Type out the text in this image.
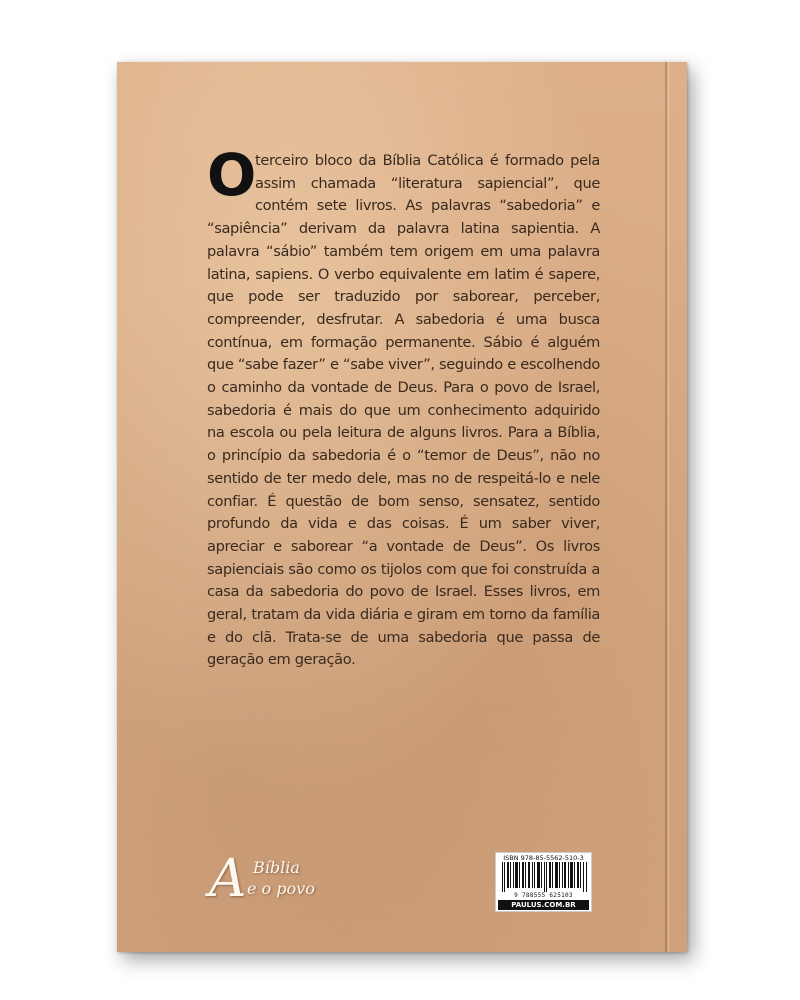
O terceiro bloco da Bíblia Católica é formado pela assim chamada “literatura sapiencial”, que contém sete livros. As palavras “sabedoria” e “sapiência” derivam da palavra latina sapientia. A palavra “sábio” também tem origem em uma palavra latina, sapiens. O verbo equivalente em latim é sapere, que pode ser traduzido por saborear, perceber, compreender, desfrutar. A sabedoria é uma busca contínua, em formação permanente. Sábio é alguém que “sabe fazer” e “sabe viver”, seguindo e escolhendo o caminho da vontade de Deus. Para o povo de Israel, sabedoria é mais do que um conhecimento adquirido na escola ou pela leitura de alguns livros. Para a Bíblia, o princípio da sabedoria é o “temor de Deus”, não no sentido de ter medo dele, mas no de respeitá-lo e nele confiar. É questão de bom senso, sensatez, sentido profundo da vida e das coisas. É um saber viver, apreciar e saborear “a vontade de Deus”. Os livros sapienciais são como os tijolos com que foi construída a casa da sabedoria do povo de Israel. Esses livros, em geral, tratam da vida diária e giram em torno da família e do clã. Trata-se de uma sabedoria que passa de geração em geração.
A Bíblia
e o povo
ISBN 978-85-5562-510-3
9 788555 625103
PAULUS.COM.BR
